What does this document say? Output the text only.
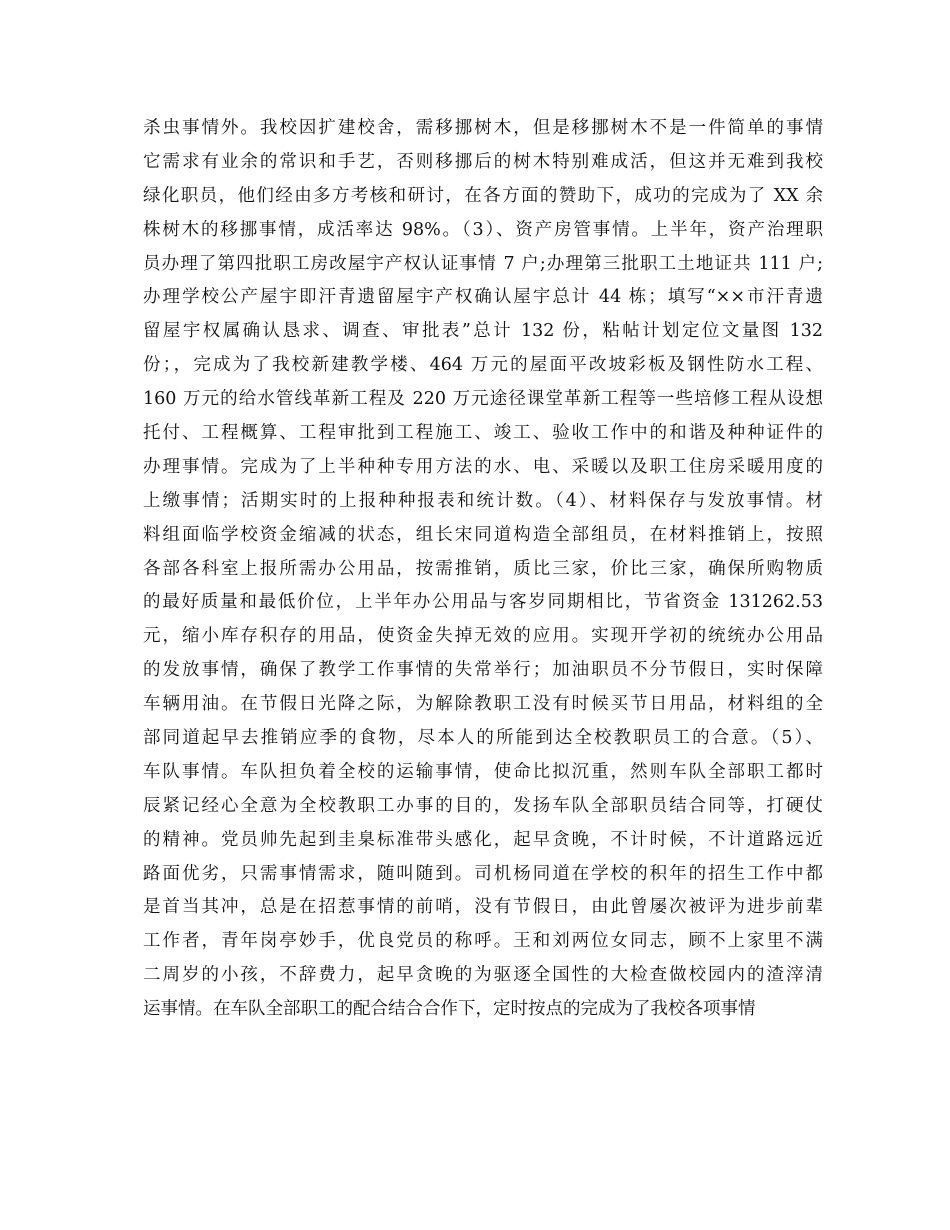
杀虫事情外。我校因扩建校舍，需移挪树木，但是移挪树木不是一件简单的事情
它需求有业余的常识和手艺，否则移挪后的树木特别难成活，但这并无难到我校
绿化职员，他们经由多方考核和研讨，在各方面的赞助下，成功的完成为了 XX 余
株树木的移挪事情，成活率达 98%。（3）、资产房管事情。上半年，资产治理职
员办理了第四批职工房改屋宇产权认证事情 7 户;办理第三批职工土地证共 111 户;
办理学校公产屋宇即汗青遗留屋宇产权确认屋宇总计 44 栋；填写“××市汗青遗
留屋宇权属确认恳求、调查、审批表”总计 132 份，粘帖计划定位文量图 132
份；，完成为了我校新建教学楼、464 万元的屋面平改坡彩板及钢性防水工程、
160 万元的给水管线革新工程及 220 万元途径课堂革新工程等一些培修工程从设想
托付、工程概算、工程审批到工程施工、竣工、验收工作中的和谐及种种证件的
办理事情。完成为了上半种种专用方法的水、电、采暖以及职工住房采暖用度的
上缴事情；活期实时的上报种种报表和统计数。（4）、材料保存与发放事情。材
料组面临学校资金缩减的状态，组长宋同道构造全部组员，在材料推销上，按照
各部各科室上报所需办公用品，按需推销，质比三家，价比三家，确保所购物质
的最好质量和最低价位，上半年办公用品与客岁同期相比，节省资金 131262.53
元，缩小库存积存的用品，使资金失掉无效的应用。实现开学初的统统办公用品
的发放事情，确保了教学工作事情的失常举行；加油职员不分节假日，实时保障
车辆用油。在节假日光降之际，为解除教职工没有时候买节日用品，材料组的全
部同道起早去推销应季的食物，尽本人的所能到达全校教职员工的合意。（5）、
车队事情。车队担负着全校的运输事情，使命比拟沉重，然则车队全部职工都时
辰紧记经心全意为全校教职工办事的目的，发扬车队全部职员结合同等，打硬仗
的精神。党员帅先起到圭臬标准带头感化，起早贪晚，不计时候，不计道路远近
路面优劣，只需事情需求，随叫随到。司机杨同道在学校的积年的招生工作中都
是首当其冲，总是在招惹事情的前哨，没有节假日，由此曾屡次被评为进步前辈
工作者，青年岗亭妙手，优良党员的称呼。王和刘两位女同志，顾不上家里不满
二周岁的小孩，不辞费力，起早贪晚的为驱逐全国性的大检查做校园内的渣滓清
运事情。在车队全部职工的配合结合合作下，定时按点的完成为了我校各项事情
